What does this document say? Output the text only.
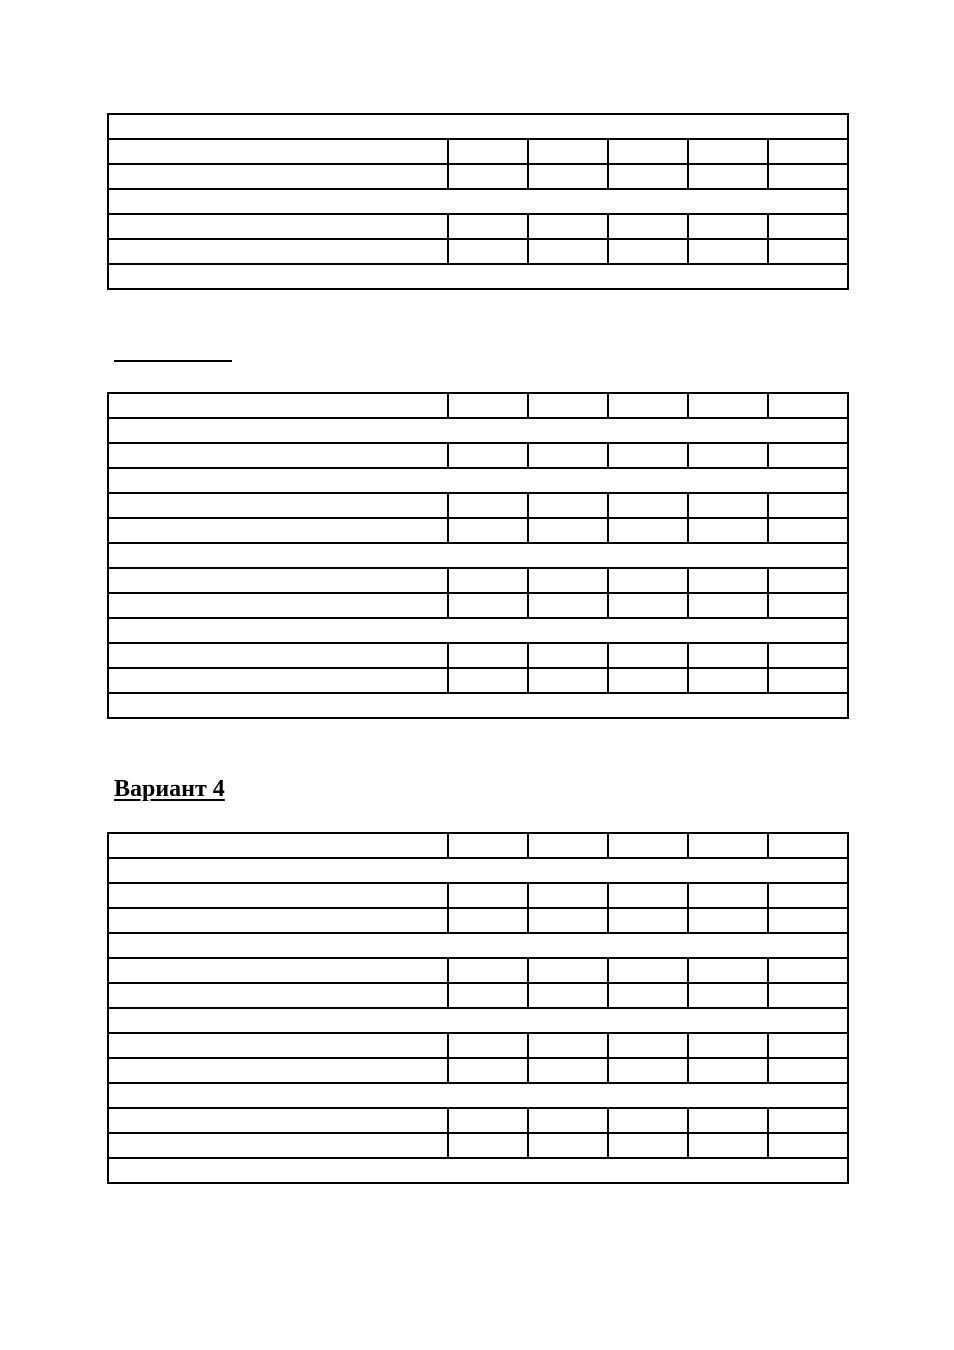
Вариант 4
